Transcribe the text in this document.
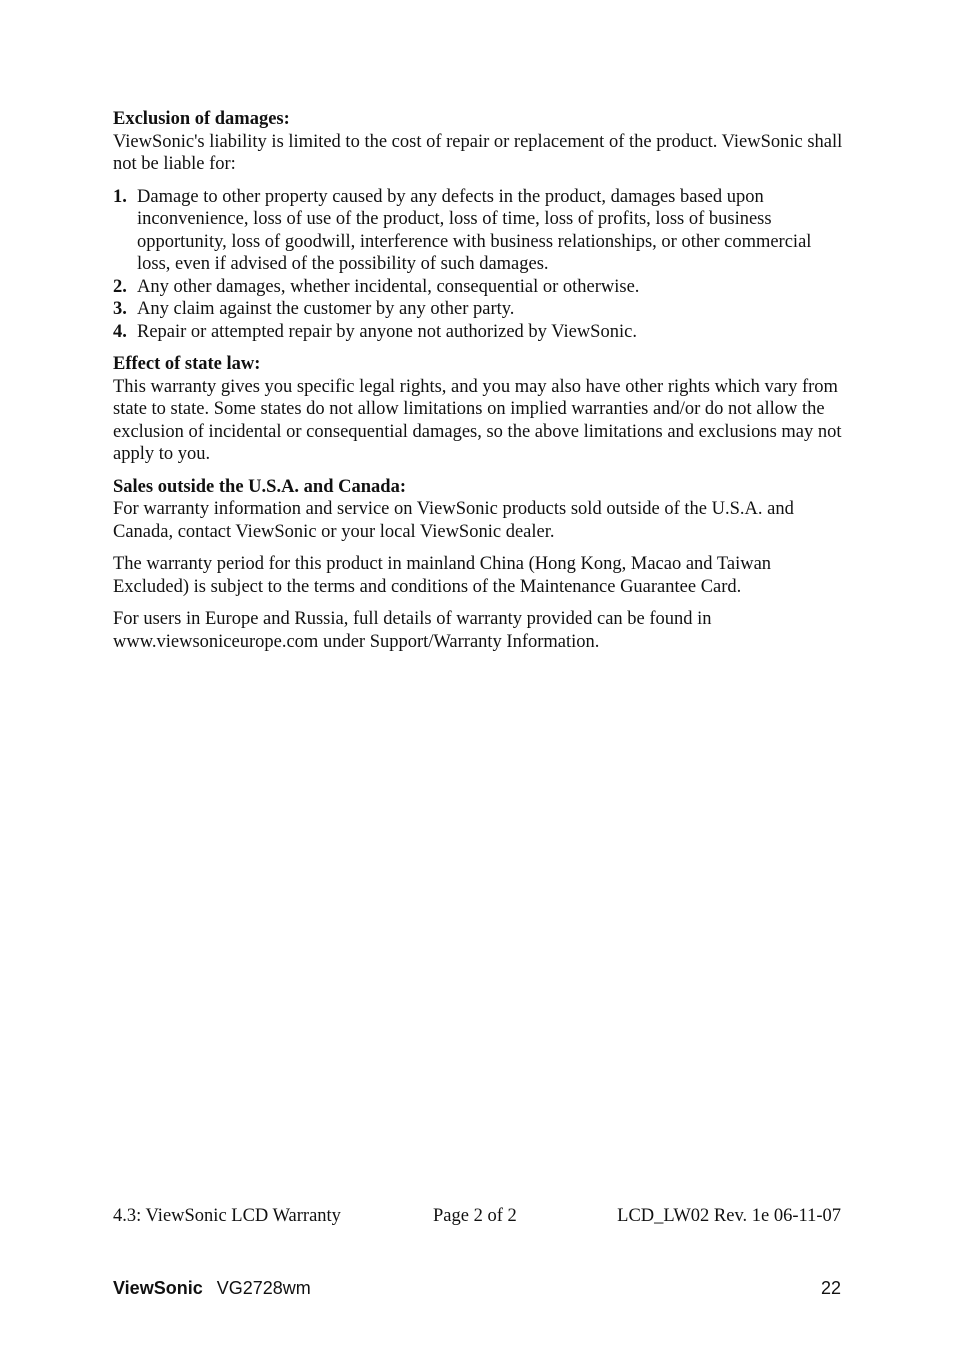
Exclusion of damages:

ViewSonic's liability is limited to the cost of repair or replacement of the product. ViewSonic shall not be liable for:

1. Damage to other property caused by any defects in the product, damages based upon inconvenience, loss of use of the product, loss of time, loss of profits, loss of business opportunity, loss of goodwill, interference with business relationships, or other commercial loss, even if advised of the possibility of such damages.
2. Any other damages, whether incidental, consequential or otherwise.
3. Any claim against the customer by any other party.
4. Repair or attempted repair by anyone not authorized by ViewSonic.

Effect of state law:

This warranty gives you specific legal rights, and you may also have other rights which vary from state to state. Some states do not allow limitations on implied warranties and/or do not allow the exclusion of incidental or consequential damages, so the above limitations and exclusions may not apply to you.

Sales outside the U.S.A. and Canada:

For warranty information and service on ViewSonic products sold outside of the U.S.A. and Canada, contact ViewSonic or your local ViewSonic dealer.

The warranty period for this product in mainland China (Hong Kong, Macao and Taiwan Excluded) is subject to the terms and conditions of the Maintenance Guarantee Card.

For users in Europe and Russia, full details of warranty provided can be found in
www.viewsoniceurope.com under Support/Warranty Information.

4.3: ViewSonic LCD Warranty	Page 2 of 2	LCD_LW02 Rev. 1e 06-11-07
ViewSonic VG2728wm	22
